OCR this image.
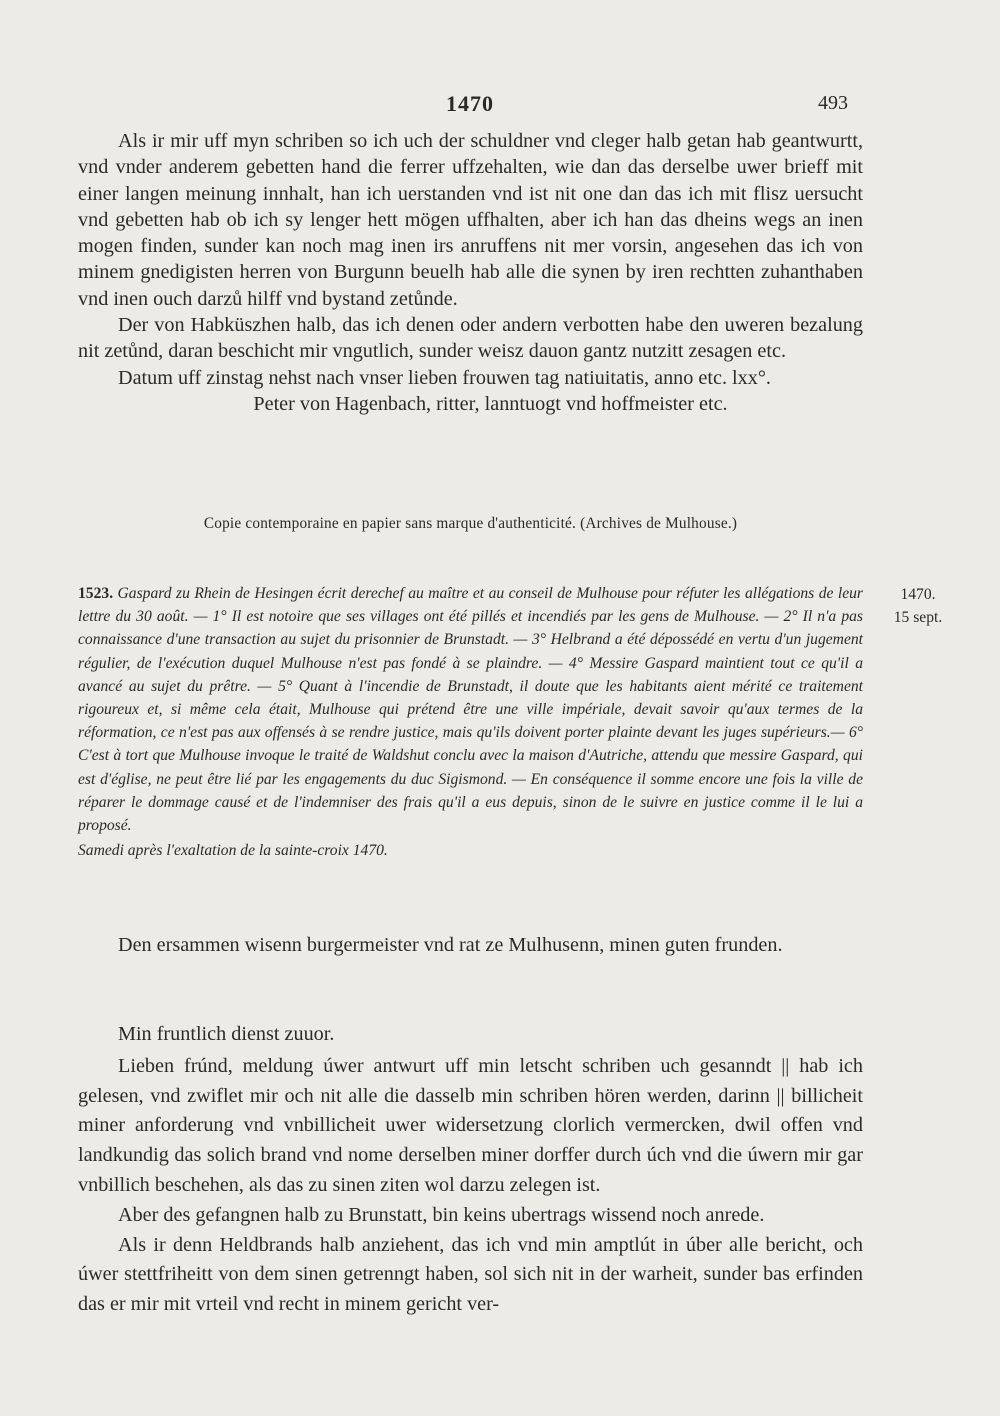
1470	493

Als ir mir uff myn schriben so ich uch der schuldner vnd cleger halb getan hab geantwurtt, vnd vnder anderem gebetten hand die ferrer uffzehalten, wie dan das derselbe uwer brieff mit einer langen meinung innhalt, han ich uerstanden vnd ist nit one dan das ich mit flisz uersucht vnd gebetten hab ob ich sy lenger hett mögen uffhalten, aber ich han das dheins wegs an inen mogen finden, sunder kan noch mag inen irs anruffens nit mer vorsin, angesehen das ich von minem gnedigisten herren von Burgunn beuelh hab alle die synen by iren rechtten zuhanthaben vnd inen ouch darzů hilff vnd bystand zetůnde.

Der von Habküszhen halb, das ich denen oder andern verbotten habe den uweren bezalung nit zetůnd, daran beschicht mir vngutlich, sunder weisz dauon gantz nutzitt zesagen etc.

Datum uff zinstag nehst nach vnser lieben frouwen tag natiuitatis, anno etc. lxx°.

Peter von Hagenbach, ritter, lanntuogt vnd hoffmeister etc.

Copie contemporaine en papier sans marque d'authenticité. (Archives de Mulhouse.)

1523. Gaspard zu Rhein de Hesingen écrit derechef au maître et au conseil de Mulhouse pour réfuter les allégations de leur lettre du 30 août. — 1° Il est notoire que ses villages ont été pillés et incendiés par les gens de Mulhouse. — 2° Il n'a pas connaissance d'une transaction au sujet du prisonnier de Brunstadt. — 3° Helbrand a été dépossédé en vertu d'un jugement régulier, de l'exécution duquel Mulhouse n'est pas fondé à se plaindre. — 4° Messire Gaspard maintient tout ce qu'il a avancé au sujet du prêtre. — 5° Quant à l'incendie de Brunstadt, il doute que les habitants aient mérité ce traitement rigoureux et, si même cela était, Mulhouse qui prétend être une ville impériale, devait savoir qu'aux termes de la réformation, ce n'est pas aux offensés à se rendre justice, mais qu'ils doivent porter plainte devant les juges supérieurs.— 6° C'est à tort que Mulhouse invoque le traité de Waldshut conclu avec la maison d'Autriche, attendu que messire Gaspard, qui est d'église, ne peut être lié par les engagements du duc Sigismond. — En conséquence il somme encore une fois la ville de réparer le dommage causé et de l'indemniser des frais qu'il a eus depuis, sinon de le suivre en justice comme il le lui a proposé.

Samedi après l'exaltation de la sainte-croix 1470.

1470.
15 sept.

Den ersammen wisenn burgermeister vnd rat ze Mulhusenn, minen guten frunden.

Min fruntlich dienst zuuor.

Lieben frúnd, meldung úwer antwurt uff min letscht schriben uch gesanndt || hab ich gelesen, vnd zwiflet mir och nit alle die dasselb min schriben hören werden, darinn || billicheit miner anforderung vnd vnbillicheit uwer widersetzung clorlich vermercken, dwil offen vnd landkundig das solich brand vnd nome derselben miner dorffer durch úch vnd die úwern mir gar vnbillich beschehen, als das zu sinen ziten wol darzu zelegen ist.

Aber des gefangnen halb zu Brunstatt, bin keins ubertrags wissend noch anrede.

Als ir denn Heldbrands halb anziehent, das ich vnd min amptlút in úber alle bericht, och úwer stettfriheitt von dem sinen getrenngt haben, sol sich nit in der warheit, sunder bas erfinden das er mir mit vrteil vnd recht in minem gericht ver-
